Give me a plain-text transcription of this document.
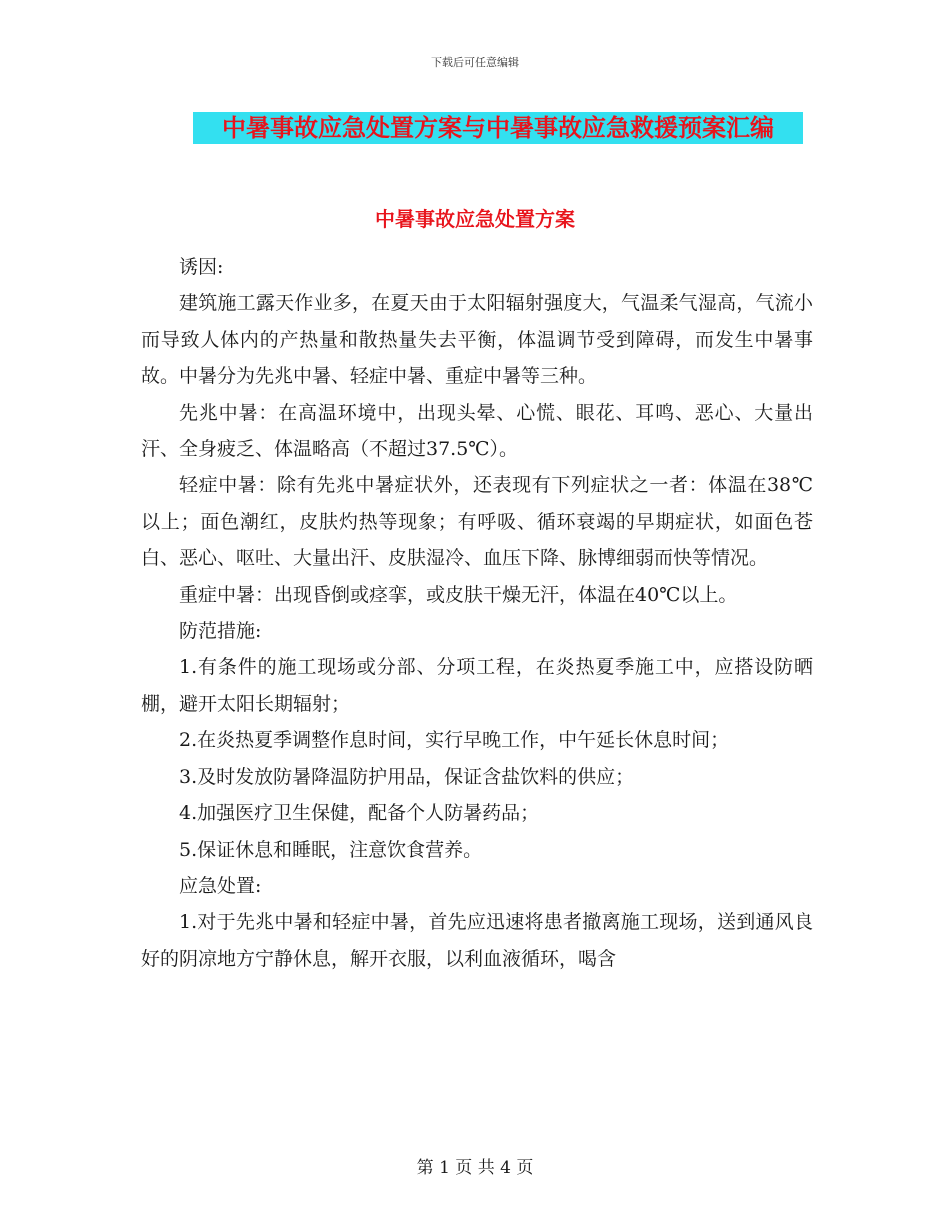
下载后可任意编辑
中暑事故应急处置方案与中暑事故应急救援预案汇编
中暑事故应急处置方案

诱因:

建筑施工露天作业多，在夏天由于太阳辐射强度大，气温柔气湿高，气流小而导致人体内的产热量和散热量失去平衡，体温调节受到障碍，而发生中暑事故。中暑分为先兆中暑、轻症中暑、重症中暑等三种。

先兆中暑：在高温环境中，出现头晕、心慌、眼花、耳鸣、恶心、大量出汗、全身疲乏、体温略高（不超过37.5℃）。

轻症中暑：除有先兆中暑症状外，还表现有下列症状之一者：体温在38℃以上；面色潮红，皮肤灼热等现象；有呼吸、循环衰竭的早期症状，如面色苍白、恶心、呕吐、大量出汗、皮肤湿冷、血压下降、脉博细弱而快等情况。

重症中暑：出现昏倒或痉挛，或皮肤干燥无汗，体温在40℃以上。

防范措施:

1.有条件的施工现场或分部、分项工程，在炎热夏季施工中，应搭设防晒棚，避开太阳长期辐射；

2.在炎热夏季调整作息时间，实行早晚工作，中午延长休息时间；

3.及时发放防暑降温防护用品，保证含盐饮料的供应；

4.加强医疗卫生保健，配备个人防暑药品；

5.保证休息和睡眠，注意饮食营养。

应急处置:

1.对于先兆中暑和轻症中暑，首先应迅速将患者撤离施工现场，送到通风良好的阴凉地方宁静休息，解开衣服，以利血液循环，喝含

第 1 页 共 4 页
